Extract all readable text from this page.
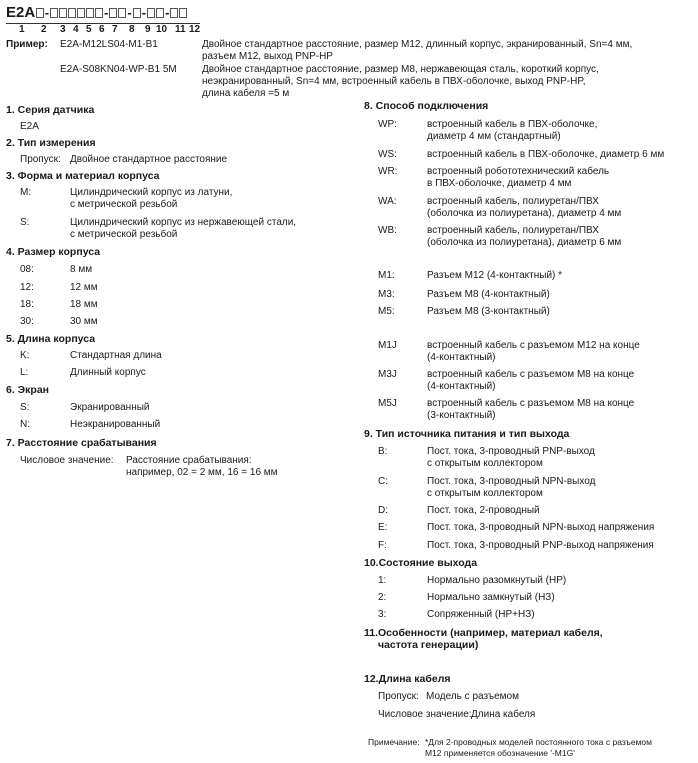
E2A -	- - - -
1 2 3 4 5 6 7 8 9 10 11 12
Пример: E2A-M12LS04-M1-B1	Двойное стандартное расстояние, размер М12, длинный корпус, экранированный, Sn=4 мм,
разъем М12, выход PNP-HP
E2A-S08KN04-WP-B1 5M	Двойное стандартное расстояние, размер М8, нержавеющая сталь, короткий корпус,
неэкранированный, Sn=4 мм, встроенный кабель в ПВХ-оболочке, выход PNP-HP,
длина кабеля =5 м
1. Серия датчика
E2A
2. Тип измерения
Пропуск: Двойное стандартное расстояние
3. Форма и материал корпуса
M:	Цилиндрический корпус из латуни,
с метрической резьбой
S:	Цилиндрический корпус из нержавеющей стали,
с метрической резьбой
4. Размер корпуса
08:	8 мм
12:	12 мм
18:	18 мм
30:	30 мм
5. Длина корпуса
K:	Стандартная длина
L:	Длинный корпус
6. Экран
S:	Экранированный
N:	Неэкранированный
7. Расстояние срабатывания
Числовое значение: Расстояние срабатывания:
например, 02 = 2 мм, 16 = 16 мм
8. Способ подключения
WP:	встроенный кабель в ПВХ-оболочке,
диаметр 4 мм (стандартный)
WS:	встроенный кабель в ПВХ-оболочке, диаметр 6 мм
WR:	встроенный робототехнический кабель
в ПВХ-оболочке, диаметр 4 мм
WA:	встроенный кабель, полиуретан/ПВХ
(оболочка из полиуретана), диаметр 4 мм
WB:	встроенный кабель, полиуретан/ПВХ
(оболочка из полиуретана), диаметр 6 мм
M1:	Разъем М12 (4-контактный) *
M3:	Разъем М8 (4-контактный)
M5:	Разъем М8 (3-контактный)
M1J	встроенный кабель с разъемом М12 на конце
(4-контактный)
M3J	встроенный кабель с разъемом М8 на конце
(4-контактный)
M5J	встроенный кабель с разъемом М8 на конце
(3-контактный)
9. Тип источника питания и тип выхода
B:	Пост. тока, 3-проводный PNP-выход
с открытым коллектором
C:	Пост. тока, 3-проводный NPN-выход
с открытым коллектором
D:	Пост. тока, 2-проводный
E:	Пост. тока, 3-проводный NPN-выход напряжения
F:	Пост. тока, 3-проводный PNP-выход напряжения
10.Состояние выхода
1:	Нормально разомкнутый (НР)
2:	Нормально замкнутый (НЗ)
3:	Сопряженный (НР+НЗ)
11.Особенности (например, материал кабеля,
частота генерации)
12.Длина кабеля
Пропуск: Модель с разъемом
Числовое значение: Длина кабеля
Примечание: *Для 2-проводных моделей постоянного тока с разъемом
М12 применяется обозначение '-M1G'
